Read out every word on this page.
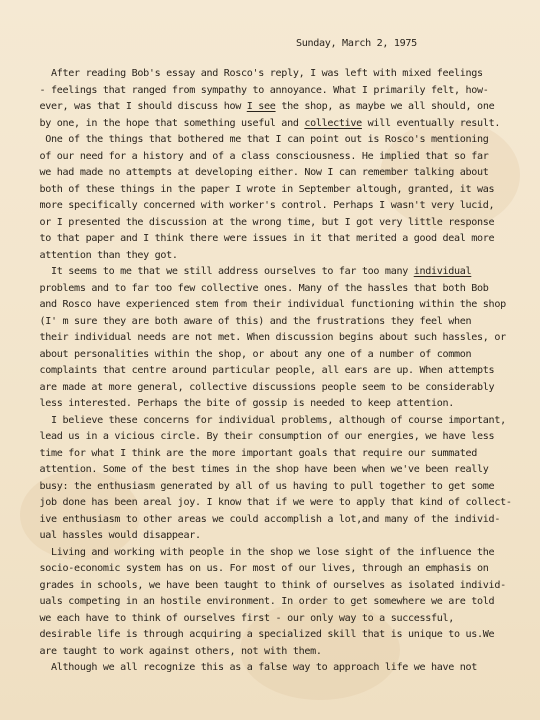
Sunday, March 2, 1975
After reading Bob's essay and Rosco's reply, I was left with mixed feelings
- feelings that ranged from sympathy to annoyance. What I primarily felt, how-
ever, was that I should discuss how I see the shop, as maybe we all should, one
by one, in the hope that something useful and collective will eventually result.
One of the things that bothered me that I can point out is Rosco's mentioning
of our need for a history and of a class consciousness. He implied that so far
we had made no attempts at developing either. Now I can remember talking about
both of these things in the paper I wrote in September altough, granted, it was
more specifically concerned with worker's control. Perhaps I wasn't very lucid,
or I presented the discussion at the wrong time, but I got very little response
to that paper and I think there were issues in it that merited a good deal more
attention than they got.
It seems to me that we still address ourselves to far too many individual
problems and to far too few collective ones. Many of the hassles that both Bob
and Rosco have experienced stem from their individual functioning within the shop
(I' m sure they are both aware of this) and the frustrations they feel when
their individual needs are not met. When discussion begins about such hassles, or
about personalities within the shop, or about any one of a number of common
complaints that centre around particular people, all ears are up. When attempts
are made at more general, collective discussions people seem to be considerably
less interested. Perhaps the bite of gossip is needed to keep attention.
I believe these concerns for individual problems, although of course important,
lead us in a vicious circle. By their consumption of our energies, we have less
time for what I think are the more important goals that require our summated
attention. Some of the best times in the shop have been when we've been really
busy: the enthusiasm generated by all of us having to pull together to get some
job done has been areal joy. I know that if we were to apply that kind of collect-
ive enthusiasm to other areas we could accomplish a lot,and many of the individ-
ual hassles would disappear.
Living and working with people in the shop we lose sight of the influence the
socio-economic system has on us. For most of our lives, through an emphasis on
grades in schools, we have been taught to think of ourselves as isolated individ-
uals competing in an hostile environment. In order to get somewhere we are told
we each have to think of ourselves first - our only way to a successful,
desirable life is through acquiring a specialized skill that is unique to us.We
are taught to work against others, not with them.
Although we all recognize this as a false way to approach life we have not
